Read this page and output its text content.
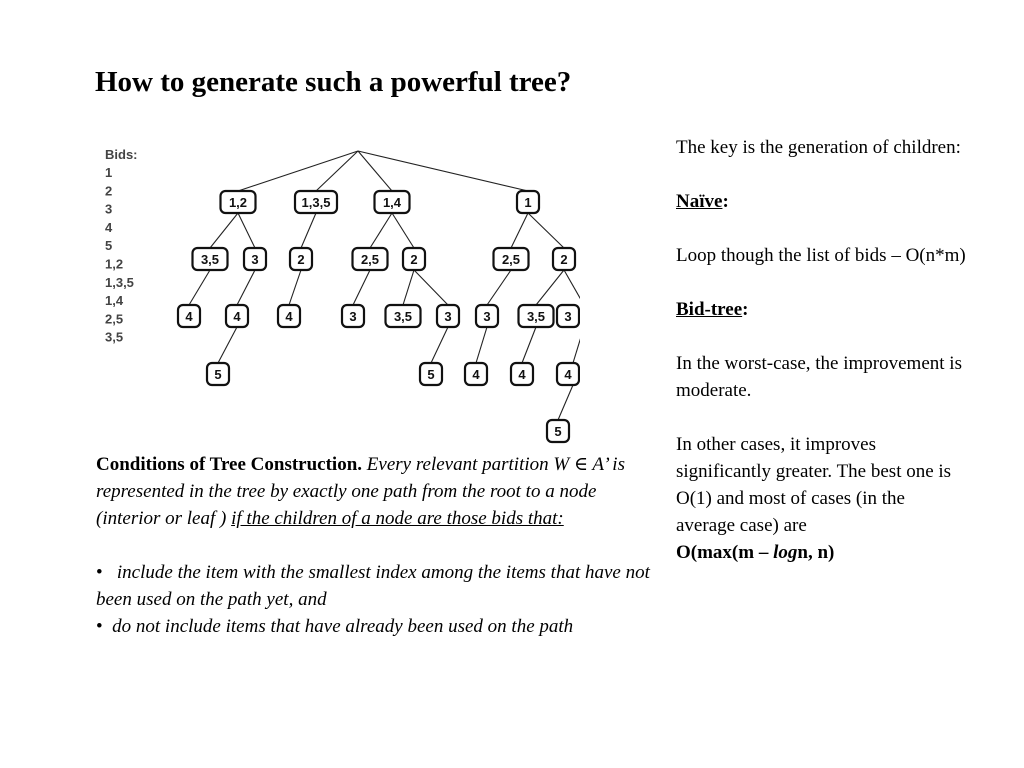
How to generate such a powerful tree?
Bids:
1
2
3
4
5
1,2
1,3,5
1,4
2,5
3,5
1,2	1,3,5	1,4	1
3,5 3	2	2,5 2	2,5	2
4	4	4	3	3,5 3 3	3,5 3
5	5	4	4	4
5

The key is the generation of children:

Naïve:

Loop though the list of bids – O(n*m)

Bid-tree:

In the worst-case, the improvement is moderate.

In other cases, it improves significantly greater. The best one is O(1) and most of cases (in the average case) are
O(max(m – logn, n)

Conditions of Tree Construction. Every relevant partition W ∈ A’ is represented in the tree by exactly one path from the root to a node (interior or leaf ) if the children of a node are those bids that:

• include the item with the smallest index among the items that have not been used on the path yet, and

• do not include items that have already been used on the path
